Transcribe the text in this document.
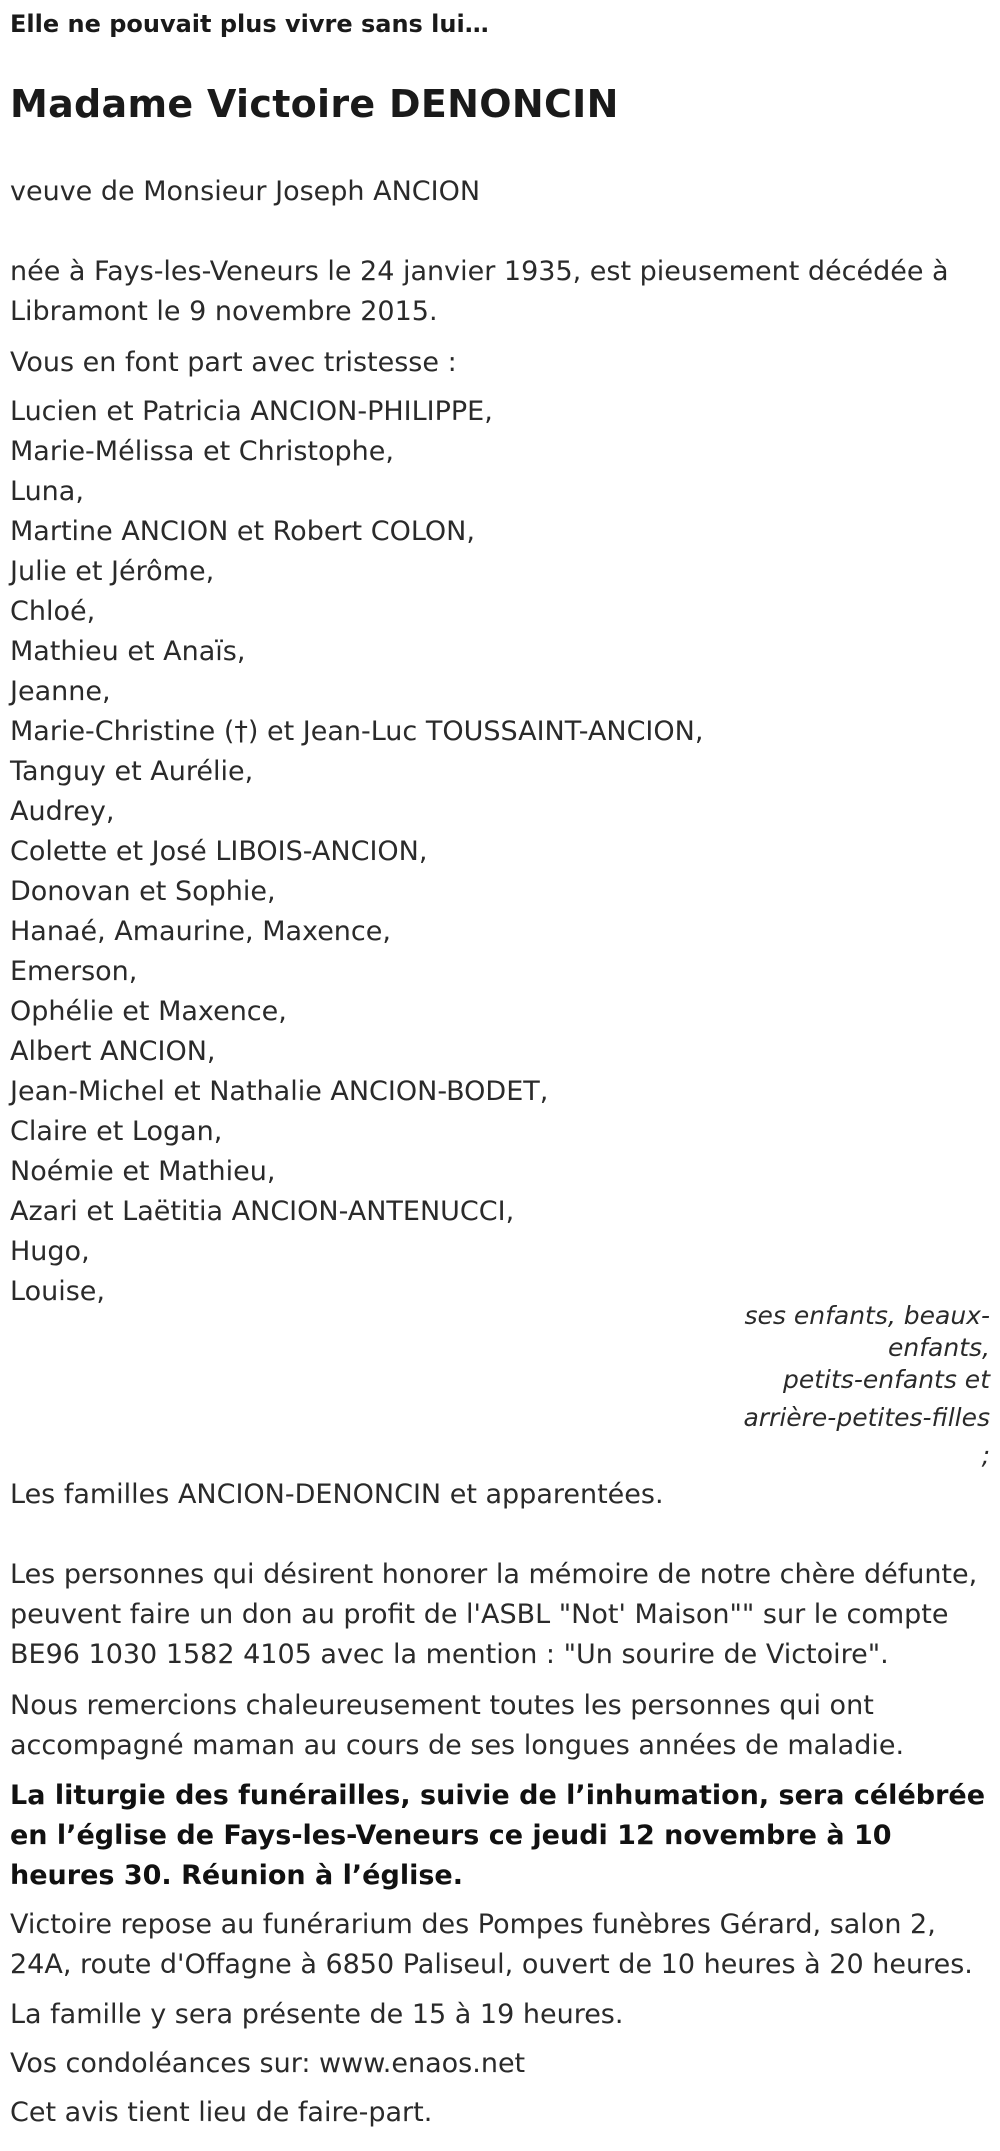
Elle ne pouvait plus vivre sans lui…
Madame Victoire DENONCIN
veuve de Monsieur Joseph ANCION
née à Fays-les-Veneurs le 24 janvier 1935, est pieusement décédée à Libramont le 9 novembre 2015.
Vous en font part avec tristesse :
Lucien et Patricia ANCION-PHILIPPE,
Marie-Mélissa et Christophe,
Luna,
Martine ANCION et Robert COLON,
Julie et Jérôme,
Chloé,
Mathieu et Anaïs,
Jeanne,
Marie-Christine (†) et Jean-Luc TOUSSAINT-ANCION,
Tanguy et Aurélie,
Audrey,
Colette et José LIBOIS-ANCION,
Donovan et Sophie,
Hanaé, Amaurine, Maxence,
Emerson,
Ophélie et Maxence,
Albert ANCION,
Jean-Michel et Nathalie ANCION-BODET,
Claire et Logan,
Noémie et Mathieu,
Azari et Laëtitia ANCION-ANTENUCCI,
Hugo,
Louise,
ses enfants, beaux-
enfants,
petits-enfants et
arrière-petites-filles
;
Les familles ANCION-DENONCIN et apparentées.
Les personnes qui désirent honorer la mémoire de notre chère défunte, peuvent faire un don au profit de l'ASBL "Not' Maison"" sur le compte BE96 1030 1582 4105 avec la mention : "Un sourire de Victoire".
Nous remercions chaleureusement toutes les personnes qui ont accompagné maman au cours de ses longues années de maladie.
La liturgie des funérailles, suivie de l’inhumation, sera célébrée en l’église de Fays-les-Veneurs ce jeudi 12 novembre à 10 heures 30. Réunion à l’église.
Victoire repose au funérarium des Pompes funèbres Gérard, salon 2, 24A, route d'Offagne à 6850 Paliseul, ouvert de 10 heures à 20 heures.
La famille y sera présente de 15 à 19 heures.
Vos condoléances sur: www.enaos.net
Cet avis tient lieu de faire-part.
